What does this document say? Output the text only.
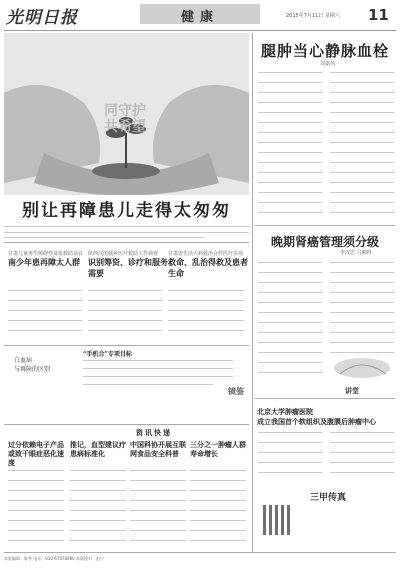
光明日报	健康	2015年7月11日 星期六 11
同守护
共希望
别让再障患儿走得太匆匆
腿肿当心静脉血栓
刘嘉伟
晚期肾癌管理须分级
李汉忠 马湘林
讲堂
北京大学肿瘤医院
成立我国首个软组织及腹膜后肿瘤中心
三甲传真
甘肃儿童再生障碍性贫血救助项目
南少年患再障太人群
陕西汉滨城乡医疗救助工作调查
识别筹资、诊疗和服务需要
甘肃省生活大病救治合作医疗专项
救命、乱治得救及患者生命
白血病
与再障的区别
“手机合”专项目标
镜鉴
资讯快递
过分依赖电子产品或致干眼症恶化速度
推记，血型建议疗患病标准化
中国科协开展互联网食品安全科普
三分之一肿瘤人群寿命增长
本版编辑：陈冬 电话：010-67078880 本版校对：赵宁
